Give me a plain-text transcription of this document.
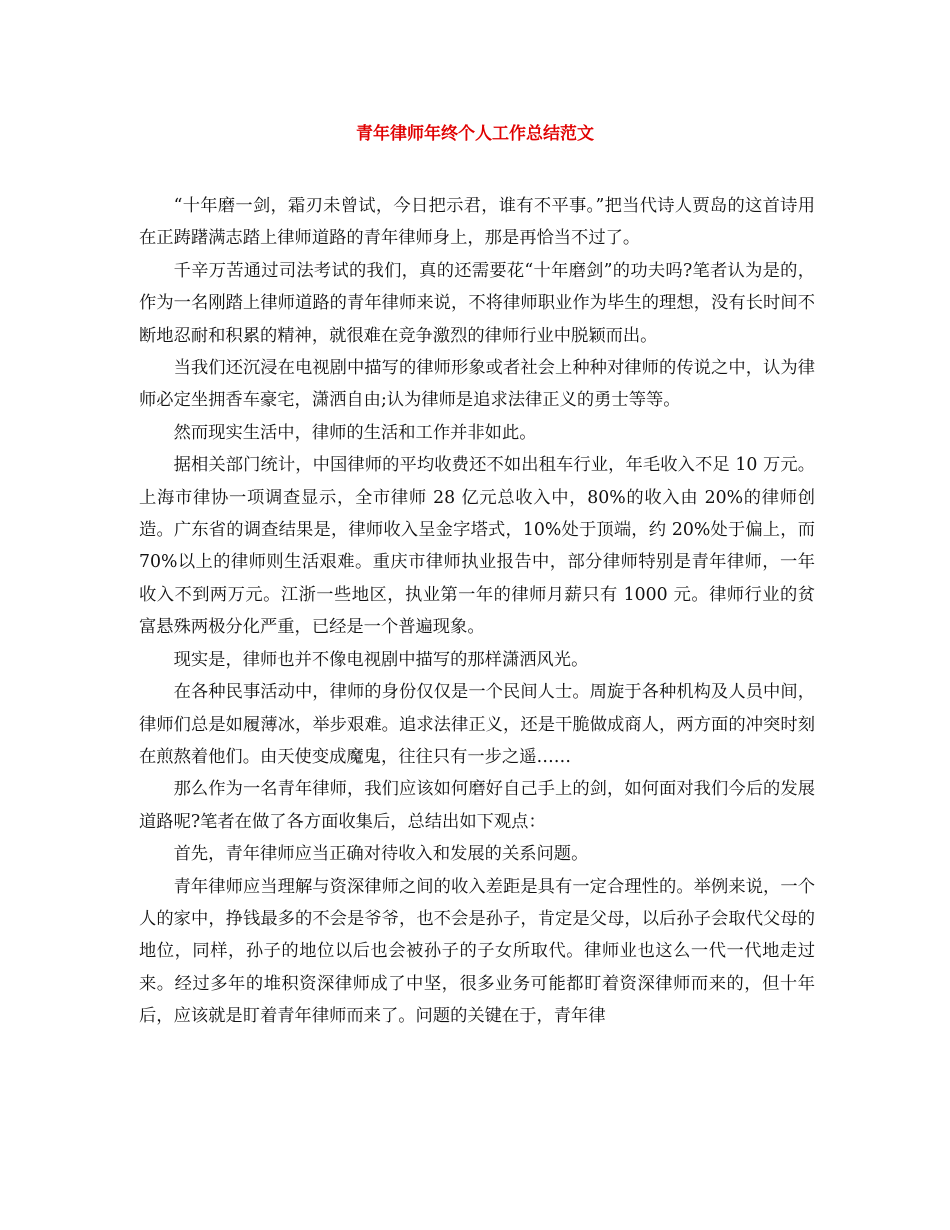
青年律师年终个人工作总结范文

“十年磨一剑，霜刃未曾试，今日把示君，谁有不平事。”把当代诗人贾岛的这首诗用在正踌躇满志踏上律师道路的青年律师身上，那是再恰当不过了。

千辛万苦通过司法考试的我们，真的还需要花“十年磨剑”的功夫吗?笔者认为是的，作为一名刚踏上律师道路的青年律师来说，不将律师职业作为毕生的理想，没有长时间不断地忍耐和积累的精神，就很难在竞争激烈的律师行业中脱颖而出。

当我们还沉浸在电视剧中描写的律师形象或者社会上种种对律师的传说之中，认为律师必定坐拥香车豪宅，潇洒自由;认为律师是追求法律正义的勇士等等。

然而现实生活中，律师的生活和工作并非如此。

据相关部门统计，中国律师的平均收费还不如出租车行业，年毛收入不足 10 万元。上海市律协一项调查显示，全市律师 28 亿元总收入中，80%的收入由 20%的律师创造。广东省的调查结果是，律师收入呈金字塔式，10%处于顶端，约 20%处于偏上，而 70%以上的律师则生活艰难。重庆市律师执业报告中，部分律师特别是青年律师，一年收入不到两万元。江浙一些地区，执业第一年的律师月薪只有 1000 元。律师行业的贫富悬殊两极分化严重，已经是一个普遍现象。

现实是，律师也并不像电视剧中描写的那样潇洒风光。

在各种民事活动中，律师的身份仅仅是一个民间人士。周旋于各种机构及人员中间，律师们总是如履薄冰，举步艰难。追求法律正义，还是干脆做成商人，两方面的冲突时刻在煎熬着他们。由天使变成魔鬼，往往只有一步之遥……

那么作为一名青年律师，我们应该如何磨好自己手上的剑，如何面对我们今后的发展道路呢?笔者在做了各方面收集后，总结出如下观点：

首先，青年律师应当正确对待收入和发展的关系问题。

青年律师应当理解与资深律师之间的收入差距是具有一定合理性的。举例来说，一个人的家中，挣钱最多的不会是爷爷，也不会是孙子，肯定是父母，以后孙子会取代父母的地位，同样，孙子的地位以后也会被孙子的子女所取代。律师业也这么一代一代地走过来。经过多年的堆积资深律师成了中坚，很多业务可能都盯着资深律师而来的，但十年后，应该就是盯着青年律师而来了。问题的关键在于，青年律
